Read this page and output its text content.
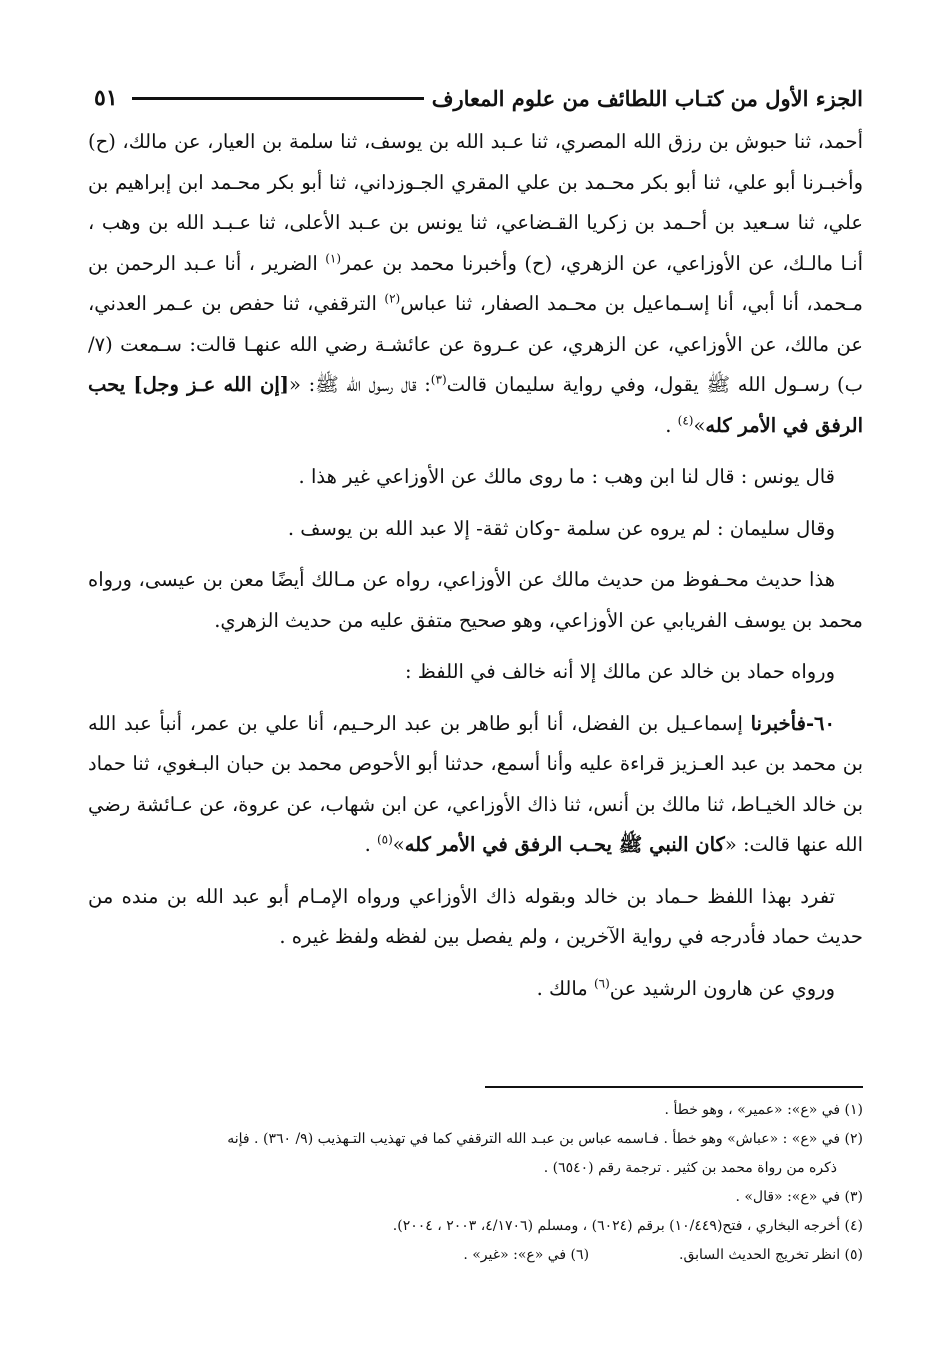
الجزء الأول من كتـاب اللطائف من علوم المعارف
٥١

أحمد، ثنا حبوش بن رزق الله المصري، ثنا عـبد الله بن يوسف، ثنا سلمة بن العيار، عن مالك، (ح) وأخبـرنا أبو علي، ثنا أبو بكر محـمد بن علي المقري الجـوزداني، ثنا أبو بكر محـمد ابن إبراهيم بن علي، ثنا سـعيد بن أحـمد بن زكريا القـضاعي، ثنا يونس بن عـبد الأعلى، ثنا عـبـد الله بن وهب ، أنـا مالـك، عن الأوزاعي، عن الزهري، (ح) وأخبرنا محمد بن عمر$^{(١)}$ الضرير ، أنا عـبد الرحمن بن مـحمد، أنا أبي، أنا إسـماعيل بن محـمد الصفار، ثنا عباس$^{(٢)}$ الترقفي، ثنا حفص بن عـمر العدني، عن مالك، عن الأوزاعي، عن الزهري، عن عـروة عن عائشـة رضي الله عنهـا قالت: سـمعت (٧/ب) رسـول الله ﷺ يقول، وفي رواية سليمان قالت$^{(٣)}$: قال رسول الله ﷺ: «[إن الله عـز وجل] يحب الرفق في الأمر كله»$^{(٤)}$ .

قال يونس : قال لنا ابن وهب : ما روى مالك عن الأوزاعي غير هذا .

وقال سليمان : لم يروه عن سلمة -وكان ثقة- إلا عبد الله بن يوسف .

هذا حديث محـفوظ من حديث مالك عن الأوزاعي، رواه عن مـالك أيضًا معن بن عيسى، ورواه محمد بن يوسف الفريابي عن الأوزاعي، وهو صحيح متفق عليه من حديث الزهري.

ورواه حماد بن خالد عن مالك إلا أنه خالف في اللفظ :

٦٠-فأخبرنا إسماعـيل بن الفضل، أنا أبو طاهر بن عبد الرحـيم، أنا علي بن عمر، أنبأ عبد الله بن محمد بن عبد العـزيز قراءة عليه وأنا أسمع، حدثنا أبو الأحوص محمد بن حبان البـغوي، ثنا حماد بن خالد الخيـاط، ثنا مالك بن أنس، ثنا ذاك الأوزاعي، عن ابن شهاب، عن عروة، عن عـائشة رضي الله عنها قالت: «كان النبي ﷺ يحـب الرفق في الأمر كله»$^{(٥)}$ .

تفرد بهذا اللفظ حـماد بن خالد وبقوله ذاك الأوزاعي ورواه الإمـام أبو عبد الله بن منده من حديث حماد فأدرجه في رواية الآخرين ، ولم يفصل بين لفظه ولفظ غيره .

وروي عن هارون الرشيد عن$^{(٦)}$ مالك .

(١) في «ع»: «عمير» ، وهو خطأ .

(٢) في «ع» : «عباش» وهو خطأ . فـاسمه عباس بن عبـد الله الترقفي كما في تهذيب التـهذيب (٩/ ٣٦٠) . فإنه

ذكره من رواة محمد بن كثير . ترجمة رقم (٦٥٤٠) .

(٣) في «ع»: «قال» .

(٤) أخرجه البخاري ، فتح(١٠/٤٤٩) برقم (٦٠٢٤) ، ومسلم (٤/١٧٠٦، ٢٠٠٣ ، ٢٠٠٤).

(٥) انظر تخريج الحديث السابق.
(٦) في «ع»: «غير» .
